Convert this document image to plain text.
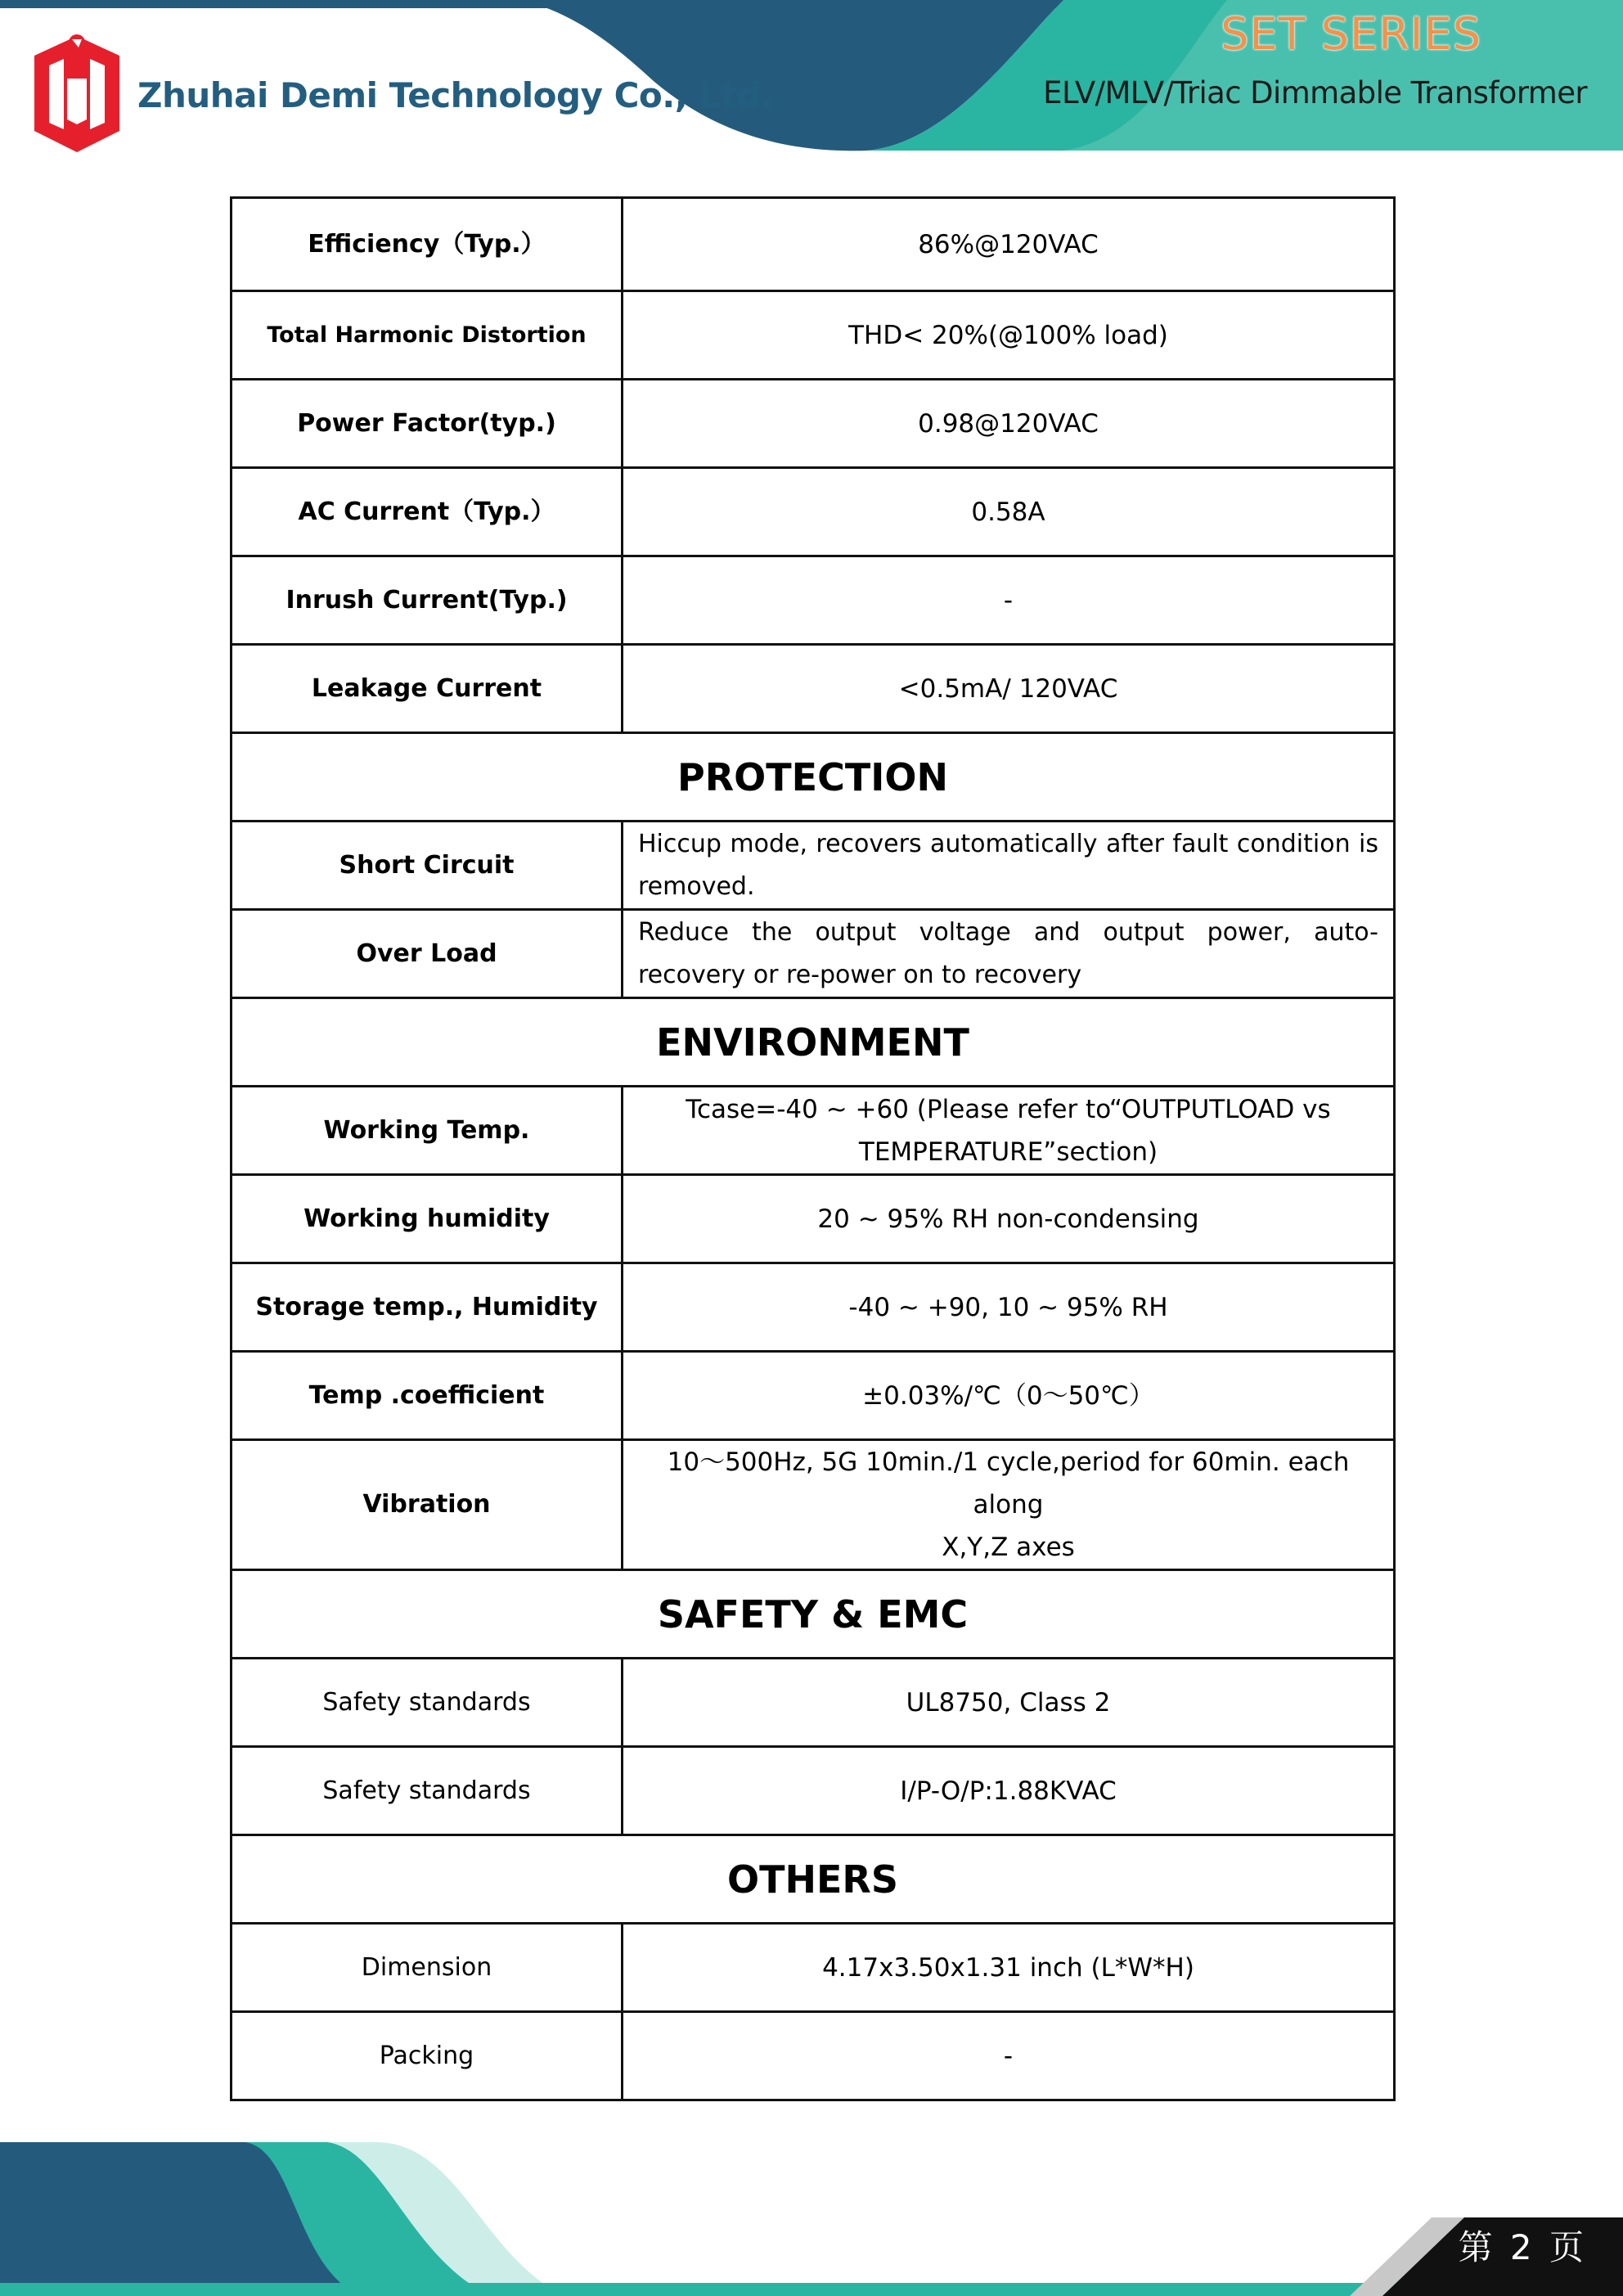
Zhuhai Demi Technology Co., Ltd.
SET SERIES
ELV/MLV/Triac Dimmable Transformer
Efficiency（Typ.）	86%@120VAC
Total Harmonic Distortion	THD< 20%(@100% load)
Power Factor(typ.)	0.98@120VAC
AC Current（Typ.）	0.58A
Inrush Current(Typ.)	-
Leakage Current	<0.5mA/ 120VAC
PROTECTION	
Short Circuit	Hiccup mode, recovers automatically after fault condition is removed.
Over Load	Reduce the output voltage and output power, auto-recovery or re-power on to recovery
ENVIRONMENT	
Working Temp.	Tcase=-40 ~ +60 (Please refer to“OUTPUTLOAD vs
TEMPERATURE”section)
Working humidity	20 ~ 95% RH non-condensing
Storage temp., Humidity	-40 ~ +90, 10 ~ 95% RH
Temp .coefficient	±0.03%/℃（0～50℃）
Vibration	10～500Hz, 5G 10min./1 cycle,period for 60min. each along
X,Y,Z axes
SAFETY & EMC	
Safety standards	UL8750, Class 2
Safety standards	I/P-O/P:1.88KVAC
OTHERS	
Dimension	4.17x3.50x1.31 inch (L*W*H)
Packing	-
第 2 页
